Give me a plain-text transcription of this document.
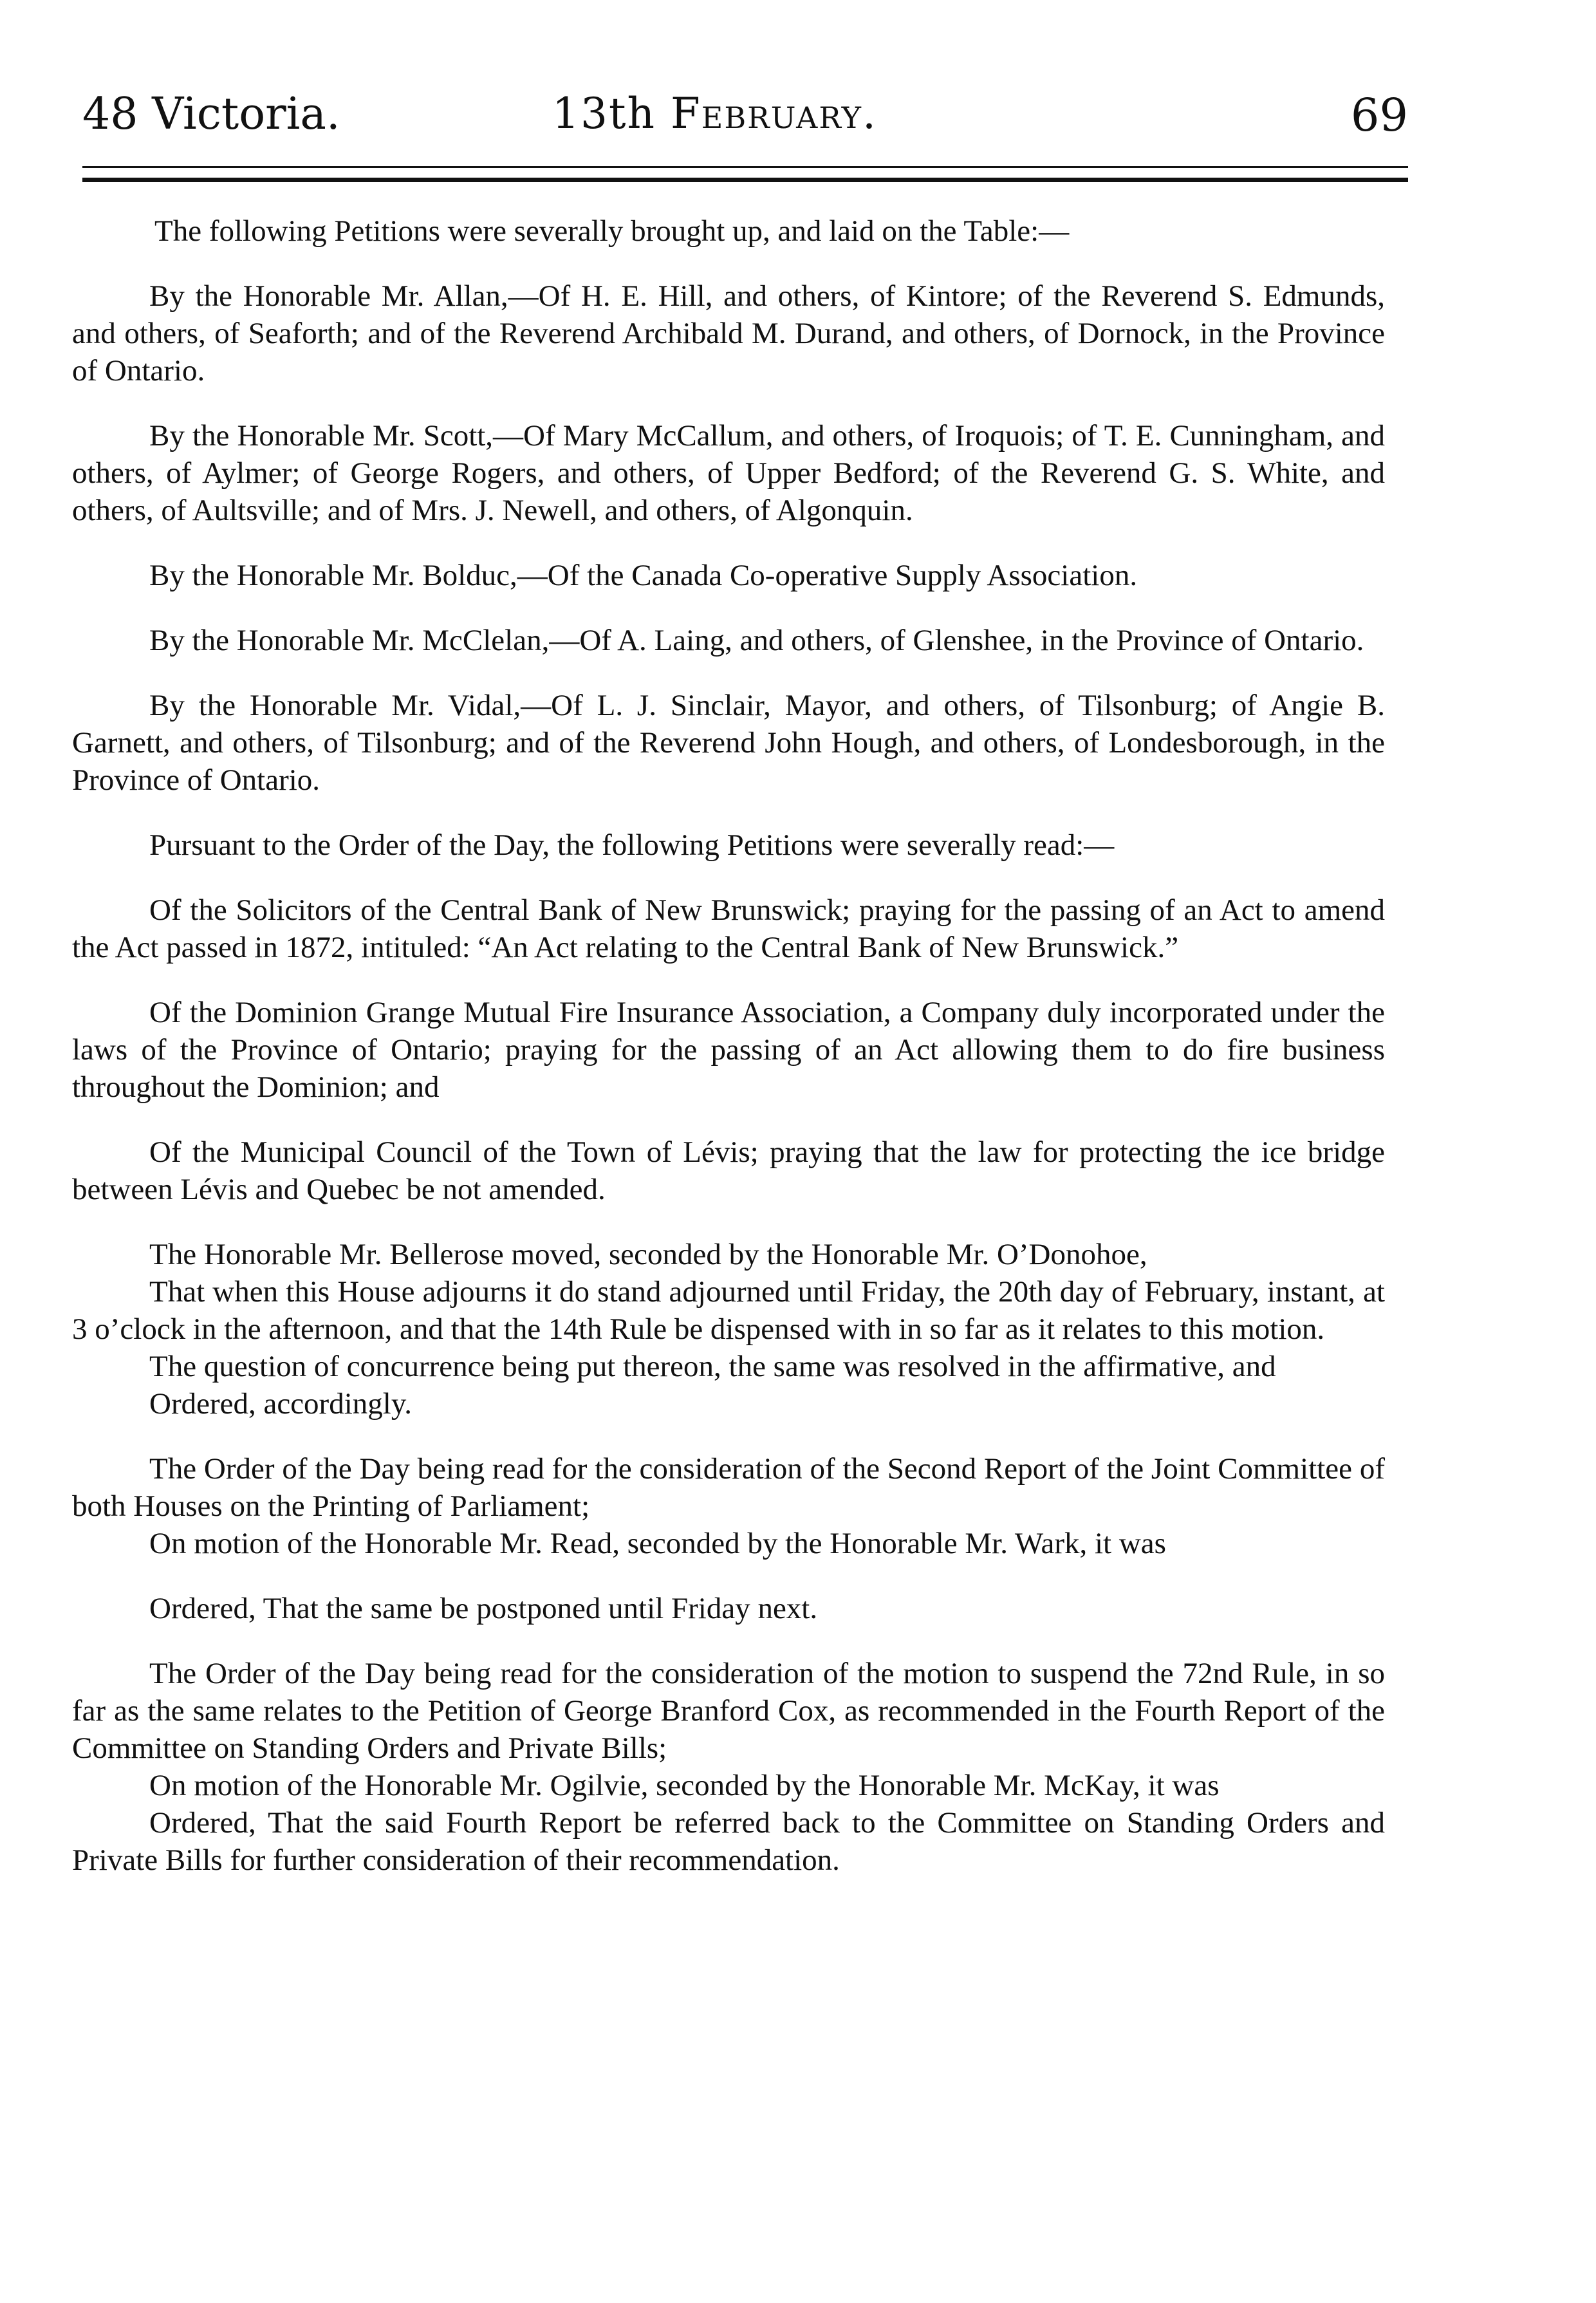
48 Victoria.	13th February.	69

The following Petitions were severally brought up, and laid on the Table:—

By the Honorable Mr. Allan,—Of H. E. Hill, and others, of Kintore; of the Reverend S. Edmunds, and others, of Seaforth; and of the Reverend Archibald M. Durand, and others, of Dornock, in the Province of Ontario.

By the Honorable Mr. Scott,—Of Mary McCallum, and others, of Iroquois; of T. E. Cunningham, and others, of Aylmer; of George Rogers, and others, of Upper Bedford; of the Reverend G. S. White, and others, of Aultsville; and of Mrs. J. Newell, and others, of Algonquin.

By the Honorable Mr. Bolduc,—Of the Canada Co-operative Supply Association.

By the Honorable Mr. McClelan,—Of A. Laing, and others, of Glenshee, in the Province of Ontario.

By the Honorable Mr. Vidal,—Of L. J. Sinclair, Mayor, and others, of Tilsonburg; of Angie B. Garnett, and others, of Tilsonburg; and of the Reverend John Hough, and others, of Londesborough, in the Province of Ontario.

Pursuant to the Order of the Day, the following Petitions were severally read:—

Of the Solicitors of the Central Bank of New Brunswick; praying for the passing of an Act to amend the Act passed in 1872, intituled: “An Act relating to the Central Bank of New Brunswick.”

Of the Dominion Grange Mutual Fire Insurance Association, a Company duly incorporated under the laws of the Province of Ontario; praying for the passing of an Act allowing them to do fire business throughout the Dominion; and

Of the Municipal Council of the Town of Lévis; praying that the law for protecting the ice bridge between Lévis and Quebec be not amended.

The Honorable Mr. Bellerose moved, seconded by the Honorable Mr. O’Donohoe,

That when this House adjourns it do stand adjourned until Friday, the 20th day of February, instant, at 3 o’clock in the afternoon, and that the 14th Rule be dispensed with in so far as it relates to this motion.

The question of concurrence being put thereon, the same was resolved in the affirmative, and

Ordered, accordingly.

The Order of the Day being read for the consideration of the Second Report of the Joint Committee of both Houses on the Printing of Parliament;

On motion of the Honorable Mr. Read, seconded by the Honorable Mr. Wark, it was

Ordered, That the same be postponed until Friday next.

The Order of the Day being read for the consideration of the motion to suspend the 72nd Rule, in so far as the same relates to the Petition of George Branford Cox, as recommended in the Fourth Report of the Committee on Standing Orders and Private Bills;

On motion of the Honorable Mr. Ogilvie, seconded by the Honorable Mr. McKay, it was

Ordered, That the said Fourth Report be referred back to the Committee on Standing Orders and Private Bills for further consideration of their recommendation.
